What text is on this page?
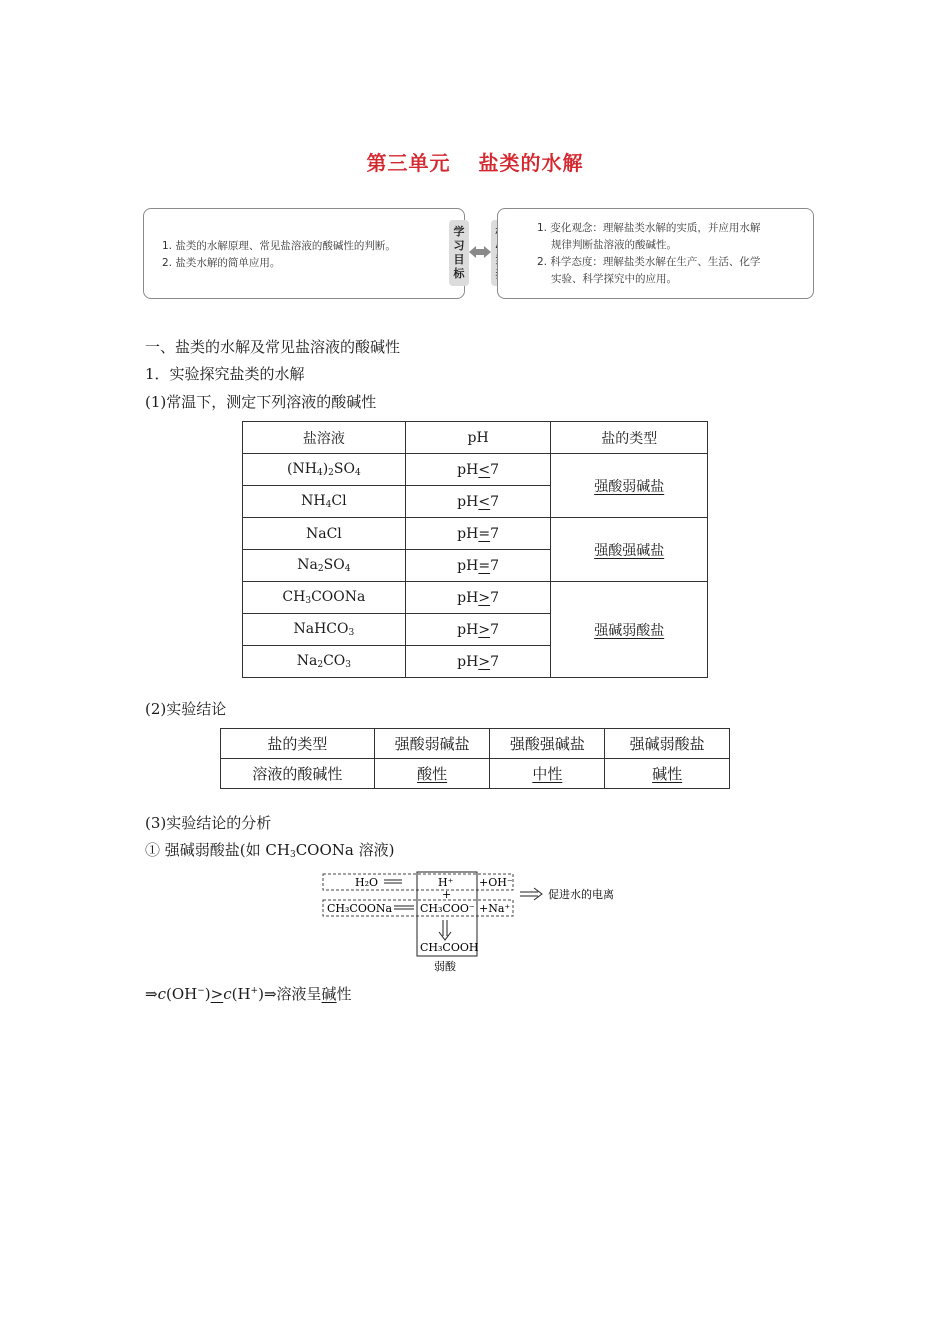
第三单元 盐类的水解
1. 盐类的水解原理、常见盐溶液的酸碱性的判断。
2. 盐类水解的简单应用。
学习目标
1. 变化观念：理解盐类水解的实质，并应用水解
规律判断盐溶液的酸碱性。
2. 科学态度：理解盐类水解在生产、生活、化学
实验、科学探究中的应用。
一、盐类的水解及常见盐溶液的酸碱性
1．实验探究盐类的水解
(1)常温下，测定下列溶液的酸碱性
盐溶液	pH	盐的类型
$(NH_4)_2SO_4$	pH<7	强酸弱碱盐
$NH_4Cl$	pH<7	
NaCl	pH=7	强酸强碱盐
$Na_2SO_4$	pH=7	
$CH_3COONa$	pH>7	强碱弱酸盐
NaHCO$_3$	pH>7	
$Na_2CO_3$	pH>7	
(2)实验结论
盐的类型	强酸弱碱盐	强酸强碱盐	强碱弱酸盐
溶液的酸碱性	酸性	中性	碱性
(3)实验结论的分析
① 强碱弱酸盐(如 $CH_3COONa$ 溶液)
H₂O	H⁺ +OH⁻
+
CH₃COONa	CH₃COO⁻ +Na⁺
CH₃COOH
弱酸
促进水的电离
⇒c(OH−)>c(H+)⇒溶液呈碱性
